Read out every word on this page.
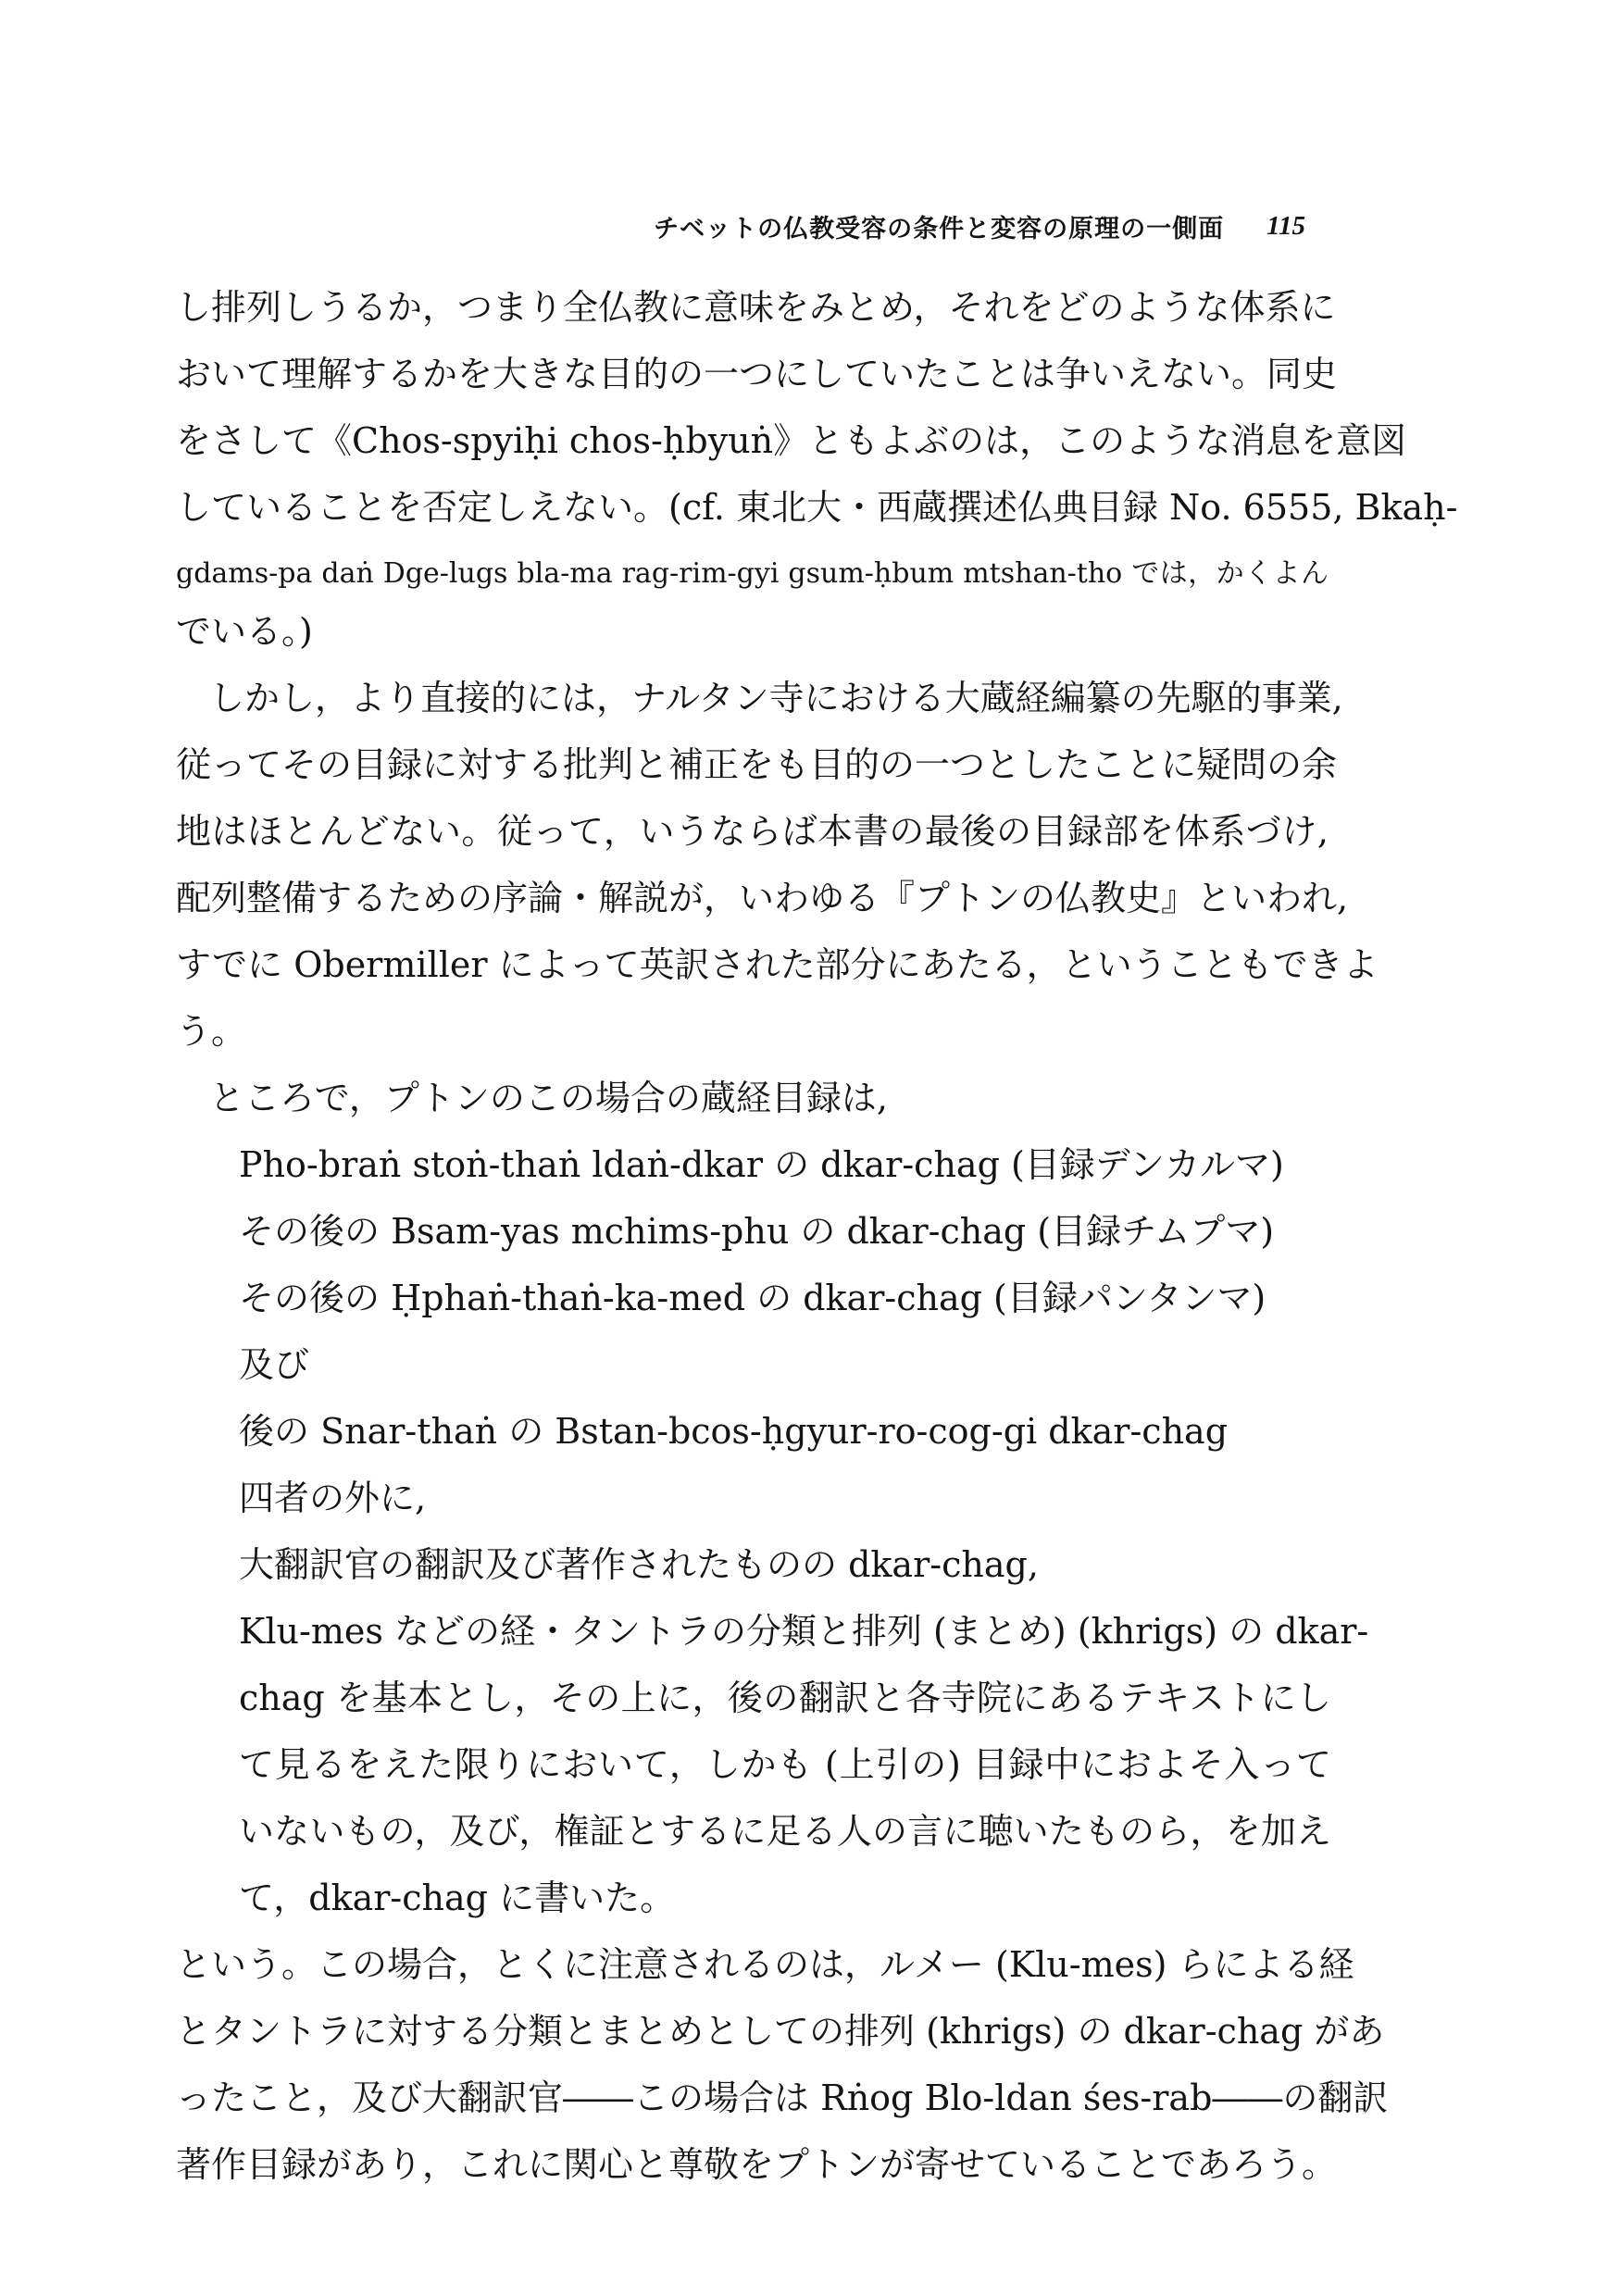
チベットの仏教受容の条件と変容の原理の一側面 115
し排列しうるか，つまり全仏教に意味をみとめ，それをどのような体系に
おいて理解するかを大きな目的の一つにしていたことは争いえない。同史
をさして《Chos-spyiḥi chos-ḥbyuṅ》ともよぶのは，このような消息を意図
していることを否定しえない。(cf. 東北大・西蔵撰述仏典目録 No. 6555, Bkaḥ-
gdams-pa daṅ Dge-lugs bla-ma rag-rim-gyi gsum-ḥbum mtshan-tho では，かくよん
でいる。)
しかし，より直接的には，ナルタン寺における大蔵経編纂の先駆的事業,
従ってその目録に対する批判と補正をも目的の一つとしたことに疑問の余
地はほとんどない。従って，いうならば本書の最後の目録部を体系づけ,
配列整備するための序論・解説が，いわゆる『プトンの仏教史』といわれ,
すでに Obermiller によって英訳された部分にあたる，ということもできよ
う。
ところで，プトンのこの場合の蔵経目録は,
Pho-braṅ stoṅ-thaṅ ldaṅ-dkar の dkar-chag (目録デンカルマ)
その後の Bsam-yas mchims-phu の dkar-chag (目録チムプマ)
その後の Ḥphaṅ-thaṅ-ka-med の dkar-chag (目録パンタンマ)
及び
後の Snar-thaṅ の Bstan-bcos-ḥgyur-ro-cog-gi dkar-chag
四者の外に,
大翻訳官の翻訳及び著作されたものの dkar-chag,
Klu-mes などの経・タントラの分類と排列 (まとめ) (khrigs) の dkar-
chag を基本とし，その上に，後の翻訳と各寺院にあるテキストにし
て見るをえた限りにおいて，しかも (上引の) 目録中におよそ入って
いないもの，及び，権証とするに足る人の言に聴いたものら，を加え
て，dkar-chag に書いた。
という。この場合，とくに注意されるのは，ルメー (Klu-mes) らによる経
とタントラに対する分類とまとめとしての排列 (khrigs) の dkar-chag があ
ったこと，及び大翻訳官――この場合は Rṅog Blo-ldan śes-rab――の翻訳
著作目録があり，これに関心と尊敬をプトンが寄せていることであろう。
